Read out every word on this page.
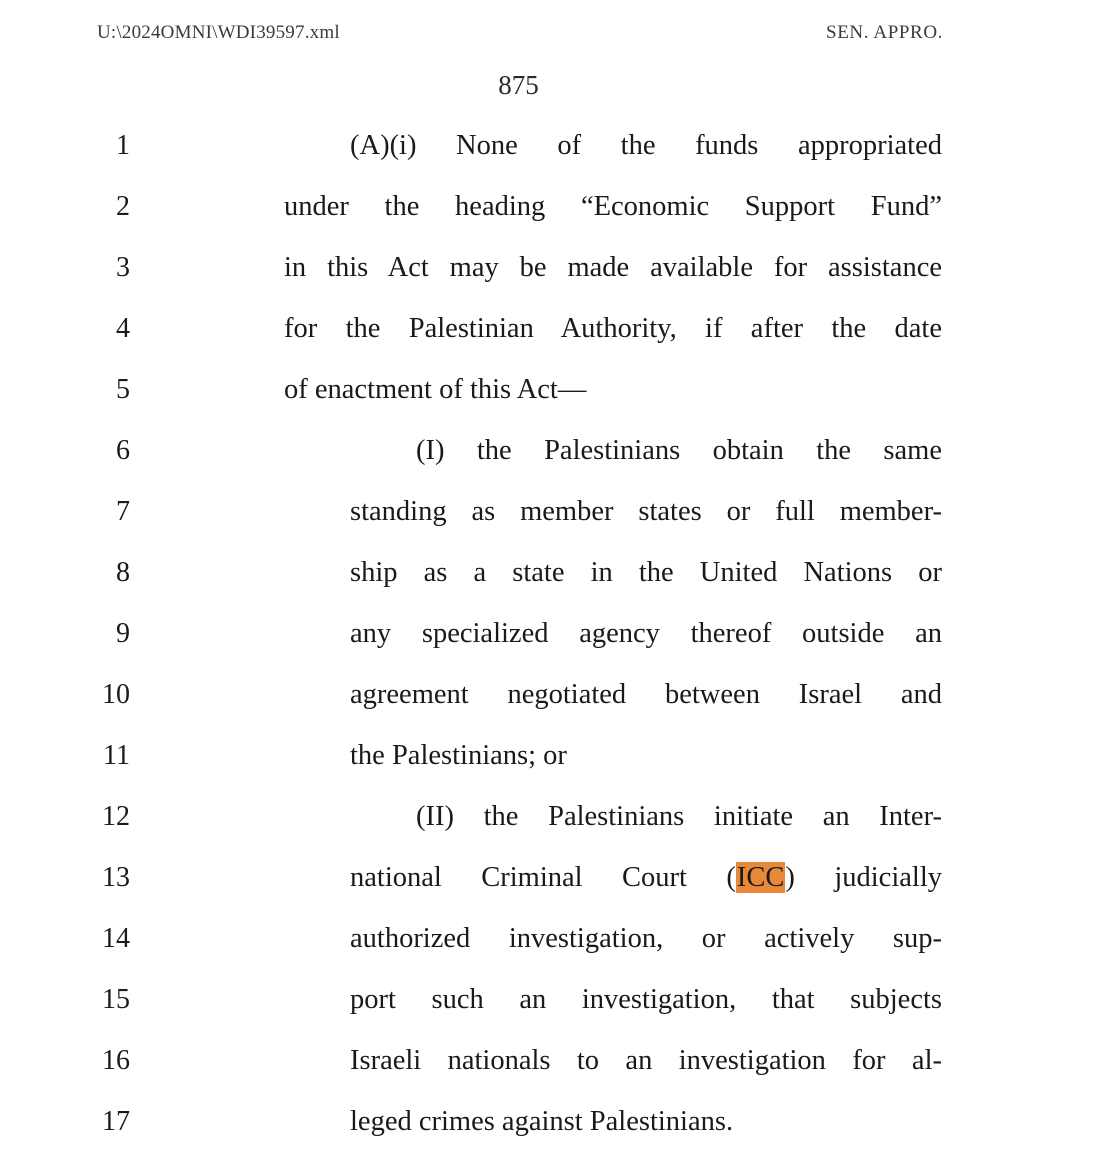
U:\2024OMNI\WDI39597.xml	SEN. APPRO.
875
1	(A)(i) None of the funds appropriated
2	under the heading “Economic Support Fund”
3	in this Act may be made available for assistance
4	for the Palestinian Authority, if after the date
5	of enactment of this Act—
6	(I) the Palestinians obtain the same
7	standing as member states or full member-
8	ship as a state in the United Nations or
9	any specialized agency thereof outside an
10	agreement negotiated between Israel and
11	the Palestinians; or
12	(II) the Palestinians initiate an Inter-
13	national Criminal Court (ICC) judicially
14	authorized investigation, or actively sup-
15	port such an investigation, that subjects
16	Israeli nationals to an investigation for al-
17	leged crimes against Palestinians.
